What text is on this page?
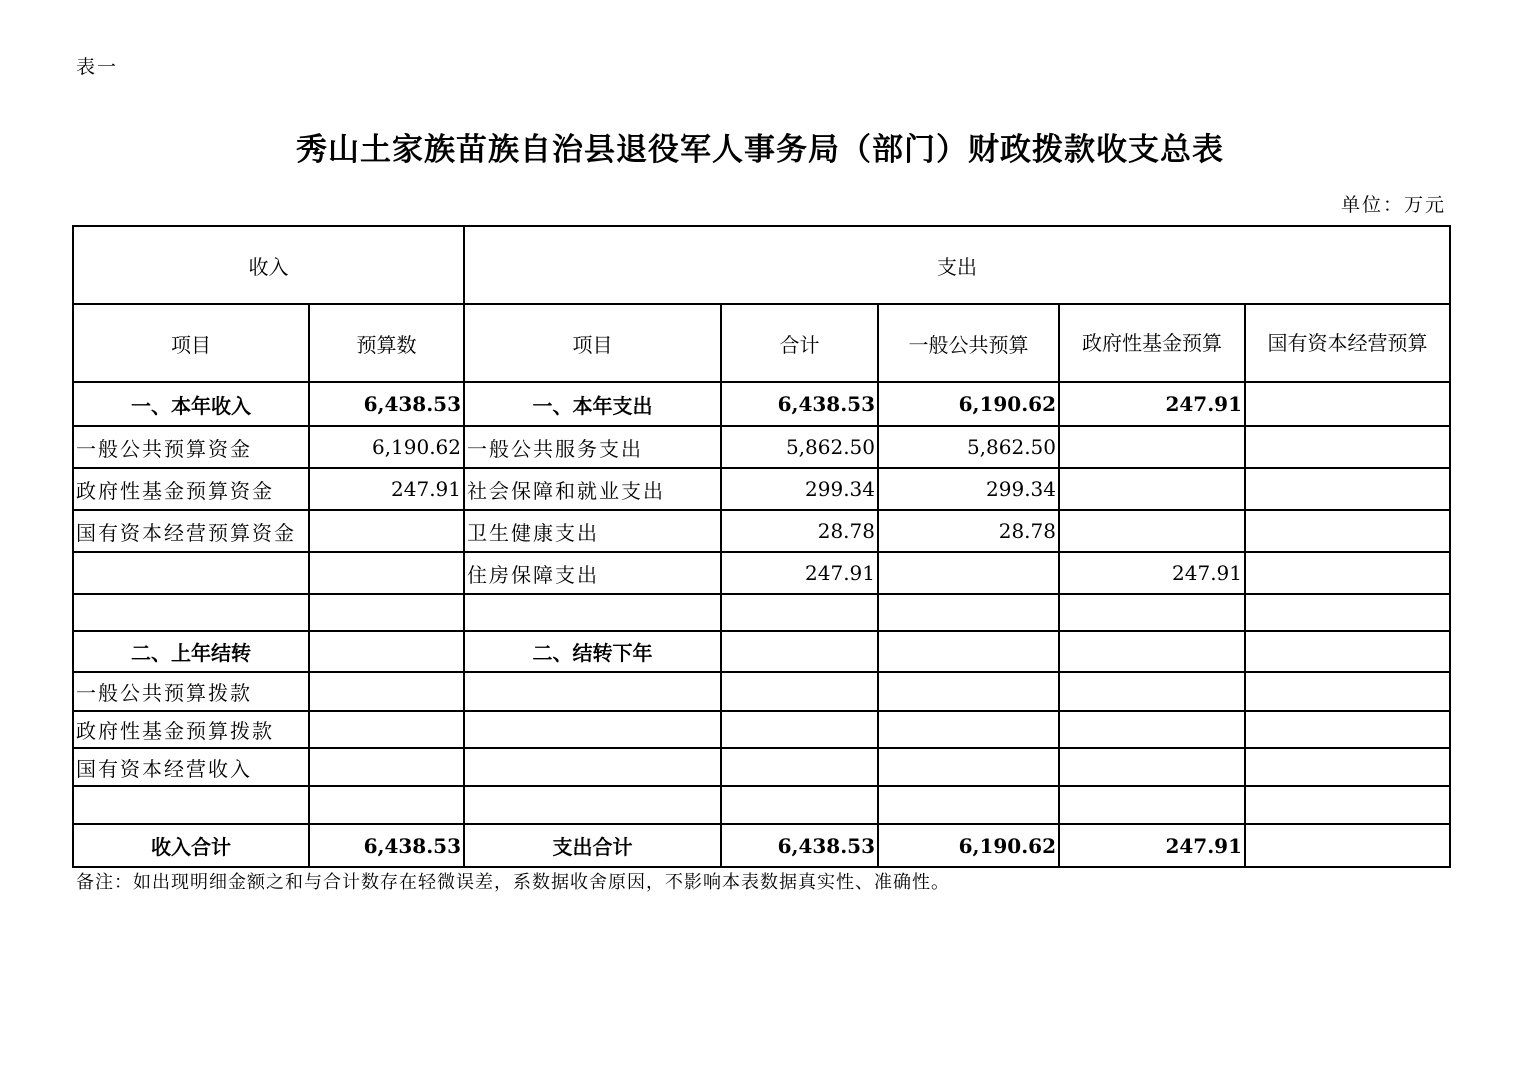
表一
秀山土家族苗族自治县退役军人事务局（部门）财政拨款收支总表
单位：万元
收入		支出				
项目	预算数	项目	合计	一般公共预算	政府性基金预算	国有资本经营预算
一、本年收入	6,438.53	一、本年支出	6,438.53	6,190.62	247.91	
一般公共预算资金	6,190.62	一般公共服务支出	5,862.50	5,862.50		
政府性基金预算资金	247.91	社会保障和就业支出	299.34	299.34		
国有资本经营预算资金		卫生健康支出	28.78	28.78		
		住房保障支出	247.91		247.91	

二、上年结转		二、结转下年				
一般公共预算拨款						
政府性基金预算拨款						
国有资本经营收入						

收入合计	6,438.53	支出合计	6,438.53	6,190.62	247.91	
备注：如出现明细金额之和与合计数存在轻微误差，系数据收舍原因，不影响本表数据真实性、准确性。
